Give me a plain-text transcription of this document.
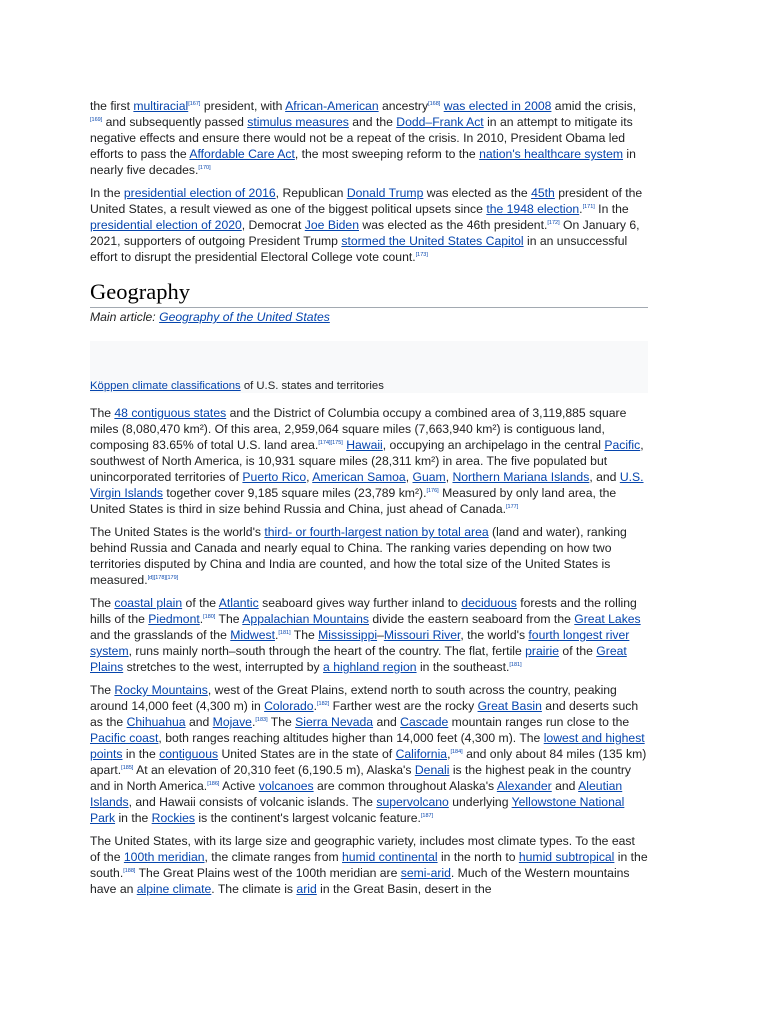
the first multiracial[167] president, with African-American ancestry[168] was elected in 2008 amid the crisis,[169] and subsequently passed stimulus measures and the Dodd–Frank Act in an attempt to mitigate its negative effects and ensure there would not be a repeat of the crisis. In 2010, President Obama led efforts to pass the Affordable Care Act, the most sweeping reform to the nation's healthcare system in nearly five decades.[170]

In the presidential election of 2016, Republican Donald Trump was elected as the 45th president of the United States, a result viewed as one of the biggest political upsets since the 1948 election.[171] In the presidential election of 2020, Democrat Joe Biden was elected as the 46th president.[172] On January 6, 2021, supporters of outgoing President Trump stormed the United States Capitol in an unsuccessful effort to disrupt the presidential Electoral College vote count.[173]

Geography
Main article: Geography of the United States
Köppen climate classifications of U.S. states and territories

The 48 contiguous states and the District of Columbia occupy a combined area of 3,119,885 square miles (8,080,470 km²). Of this area, 2,959,064 square miles (7,663,940 km²) is contiguous land, composing 83.65% of total U.S. land area.[174][175] Hawaii, occupying an archipelago in the central Pacific, southwest of North America, is 10,931 square miles (28,311 km²) in area. The five populated but unincorporated territories of Puerto Rico, American Samoa, Guam, Northern Mariana Islands, and U.S. Virgin Islands together cover 9,185 square miles (23,789 km²).[176] Measured by only land area, the United States is third in size behind Russia and China, just ahead of Canada.[177]

The United States is the world's third- or fourth-largest nation by total area (land and water), ranking behind Russia and Canada and nearly equal to China. The ranking varies depending on how two territories disputed by China and India are counted, and how the total size of the United States is measured.[d][178][179]

The coastal plain of the Atlantic seaboard gives way further inland to deciduous forests and the rolling hills of the Piedmont.[180] The Appalachian Mountains divide the eastern seaboard from the Great Lakes and the grasslands of the Midwest.[181] The Mississippi–Missouri River, the world's fourth longest river system, runs mainly north–south through the heart of the country. The flat, fertile prairie of the Great Plains stretches to the west, interrupted by a highland region in the southeast.[181]

The Rocky Mountains, west of the Great Plains, extend north to south across the country, peaking around 14,000 feet (4,300 m) in Colorado.[182] Farther west are the rocky Great Basin and deserts such as the Chihuahua and Mojave.[183] The Sierra Nevada and Cascade mountain ranges run close to the Pacific coast, both ranges reaching altitudes higher than 14,000 feet (4,300 m). The lowest and highest points in the contiguous United States are in the state of California,[184] and only about 84 miles (135 km) apart.[185] At an elevation of 20,310 feet (6,190.5 m), Alaska's Denali is the highest peak in the country and in North America.[186] Active volcanoes are common throughout Alaska's Alexander and Aleutian Islands, and Hawaii consists of volcanic islands. The supervolcano underlying Yellowstone National Park in the Rockies is the continent's largest volcanic feature.[187]

The United States, with its large size and geographic variety, includes most climate types. To the east of the 100th meridian, the climate ranges from humid continental in the north to humid subtropical in the south.[188] The Great Plains west of the 100th meridian are semi-arid. Much of the Western mountains have an alpine climate. The climate is arid in the Great Basin, desert in the
